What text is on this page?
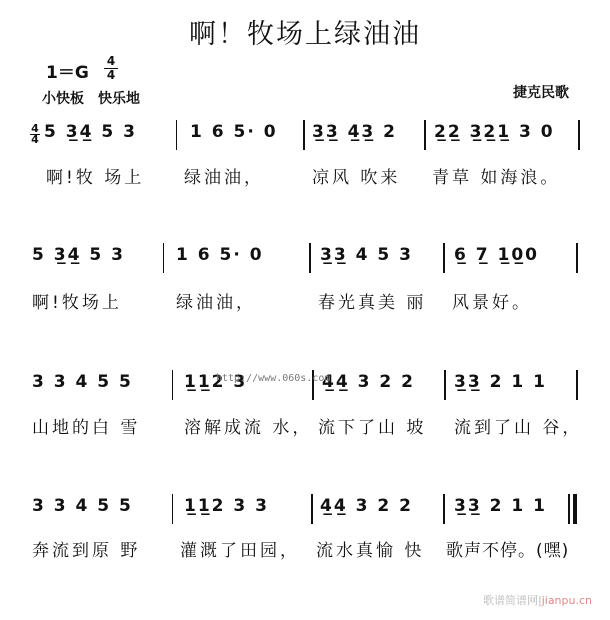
啊！牧场上绿油油
1＝G
4
4
小快板　快乐地	捷克民歌
4
4 5 3̲4̲ 5 3	1 6 5· 0 3̲3̲ 4̲3̲ 2 2̲2̲ 3̲2̲1̲ 3 0
啊!牧 场上 绿油油，	凉风 吹来 青草 如海浪。
5 3̲4̲ 5 3	1 6 5· 0	3̲3̲ 4 5 3 6̲ 7̲ 1̲0̲0
啊!牧场上	绿油油，	春光真美 丽 风景好。
3 3 4 5 5	1̲1̲2 3	4̲4̲ 3 2 2 3̲3̲ 2 1 1
山地的白 雪	溶解成流 水， 流下了山 坡 流到了山 谷，
3 3 4 5 5	1̲1̲2 3 3	4̲4̲ 3 2 2 3̲3̲ 2 1 1
奔流到原 野 灌溉了田园， 流水真愉 快 歌声不停。(嘿)
http://www.060s.com
歌谱简谱网|jianpu.cn
